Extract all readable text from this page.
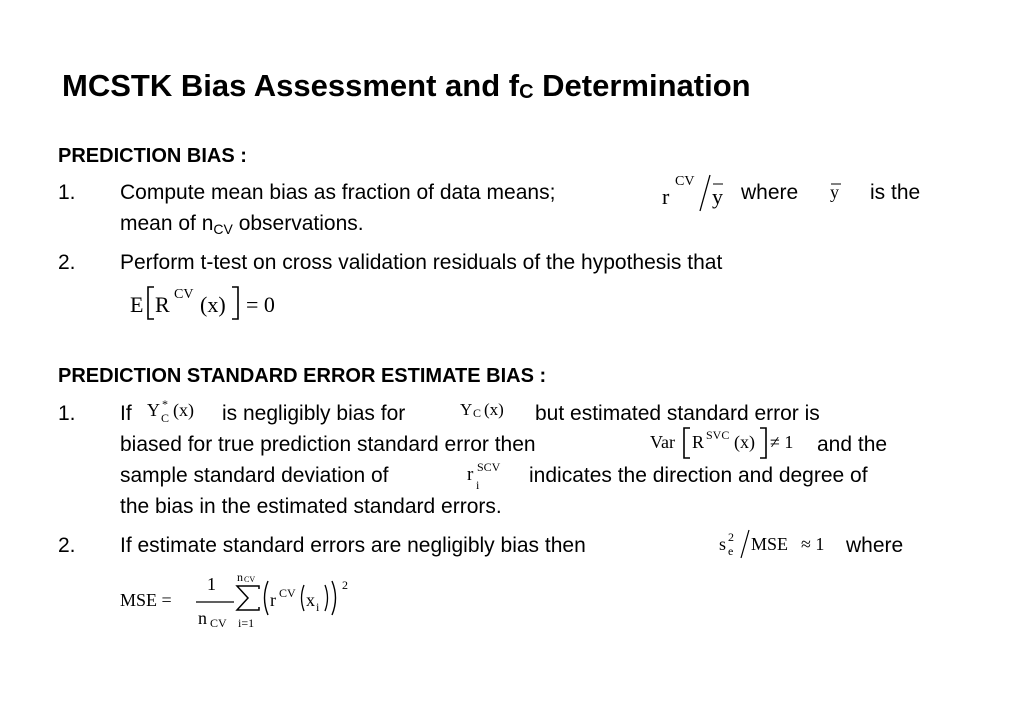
MCSTK Bias Assessment and $f_C$ Determination
PREDICTION BIAS :
1. Compute mean bias as fraction of data means;	r
CV
y where y is the
mean of $n_{CV}$ observations.
2. Perform t-test on cross validation residuals of the hypothesis that
E R CV (x) = 0
PREDICTION STANDARD ERROR ESTIMATE BIAS :
1. If Y *
C (x) is negligibly bias for	Y C (x) but estimated standard error is
biased for true prediction standard error then	Var R SVC (x) ≠ 1 and the
sample standard deviation of	r SCV
i indicates the direction and degree of
the bias in the estimated standard errors.
2. If estimate standard errors are negligibly bias then	s 2
e MSE ≈ 1 where
MSE =
1
n CV
n CV
i=1
r CV x i
2
